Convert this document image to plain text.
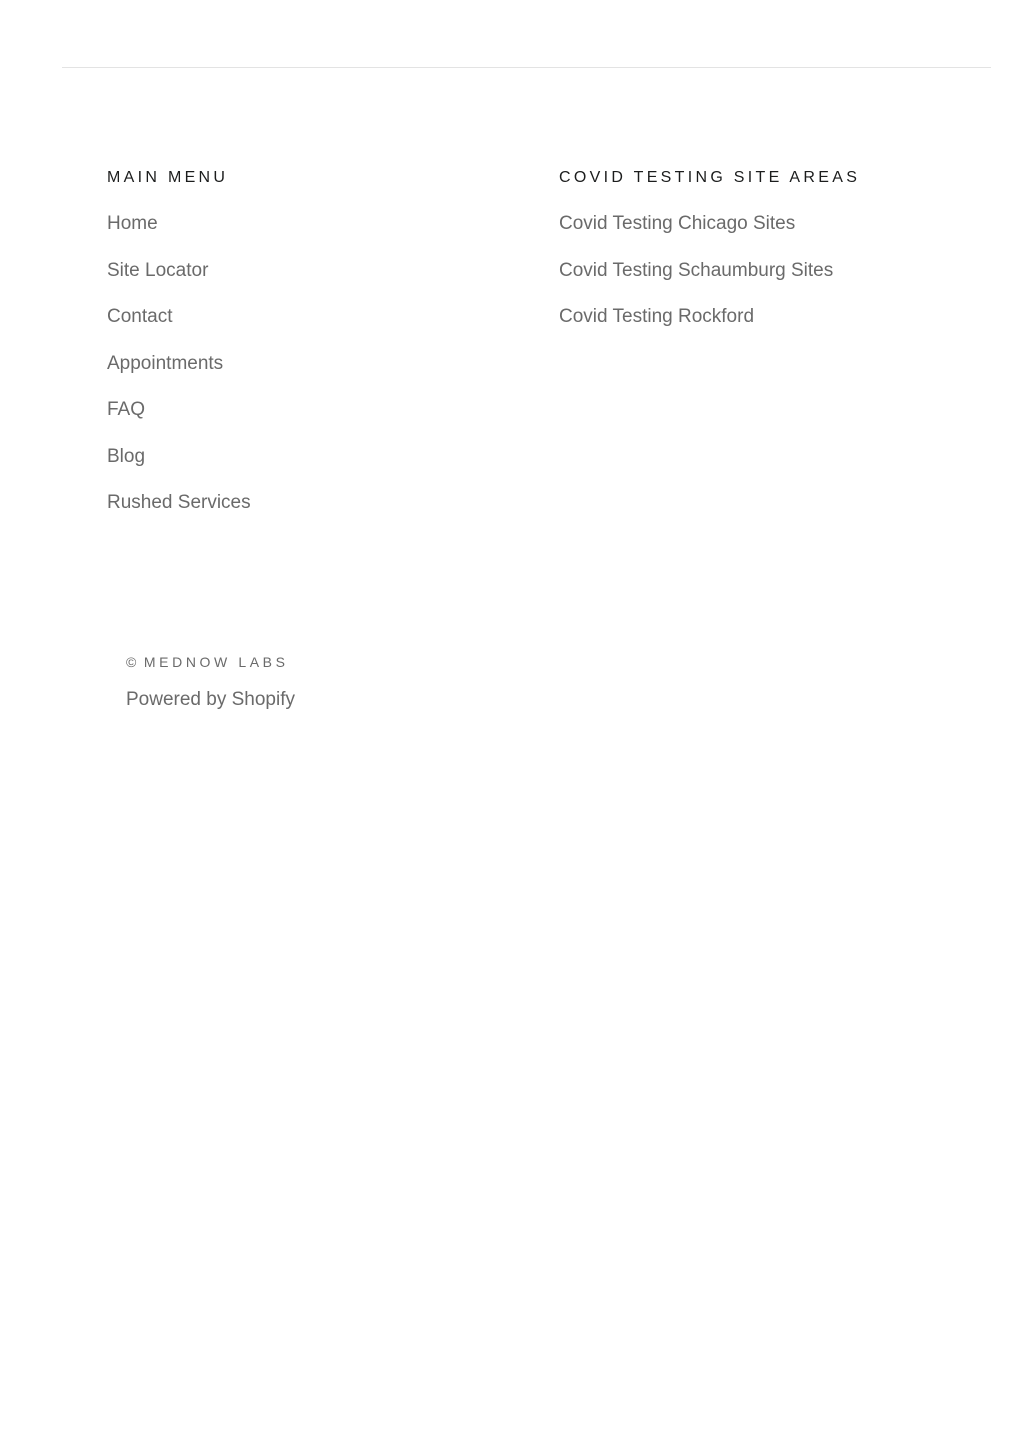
MAIN MENU
Home
Site Locator
Contact
Appointments
FAQ
Blog
Rushed Services
COVID TESTING SITE AREAS
Covid Testing Chicago Sites
Covid Testing Schaumburg Sites
Covid Testing Rockford
© MEDNOW LABS
Powered by Shopify
